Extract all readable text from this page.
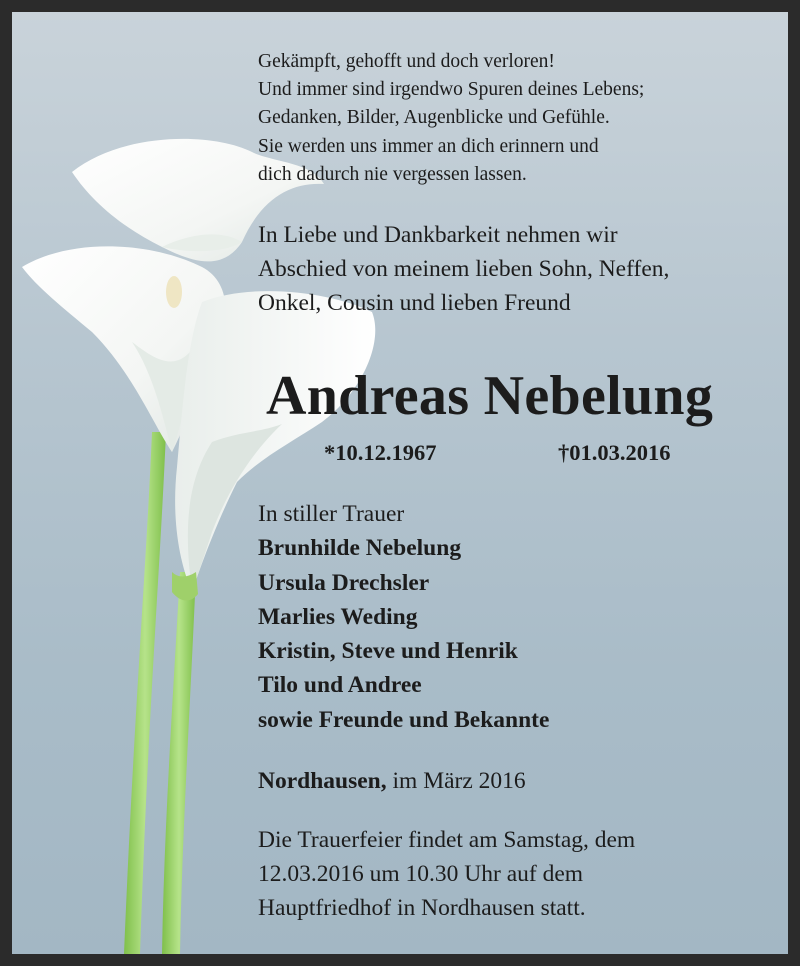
Gekämpft, gehofft und doch verloren!
Und immer sind irgendwo Spuren deines Lebens;
Gedanken, Bilder, Augenblicke und Gefühle.
Sie werden uns immer an dich erinnern und
dich dadurch nie vergessen lassen.
In Liebe und Dankbarkeit nehmen wir
Abschied von meinem lieben Sohn, Neffen,
Onkel, Cousin und lieben Freund
Andreas Nebelung
*10.12.1967	†01.03.2016
In stiller Trauer
Brunhilde Nebelung
Ursula Drechsler
Marlies Weding
Kristin, Steve und Henrik
Tilo und Andree
sowie Freunde und Bekannte
Nordhausen, im März 2016
Die Trauerfeier findet am Samstag, dem
12.03.2016 um 10.30 Uhr auf dem
Hauptfriedhof in Nordhausen statt.
